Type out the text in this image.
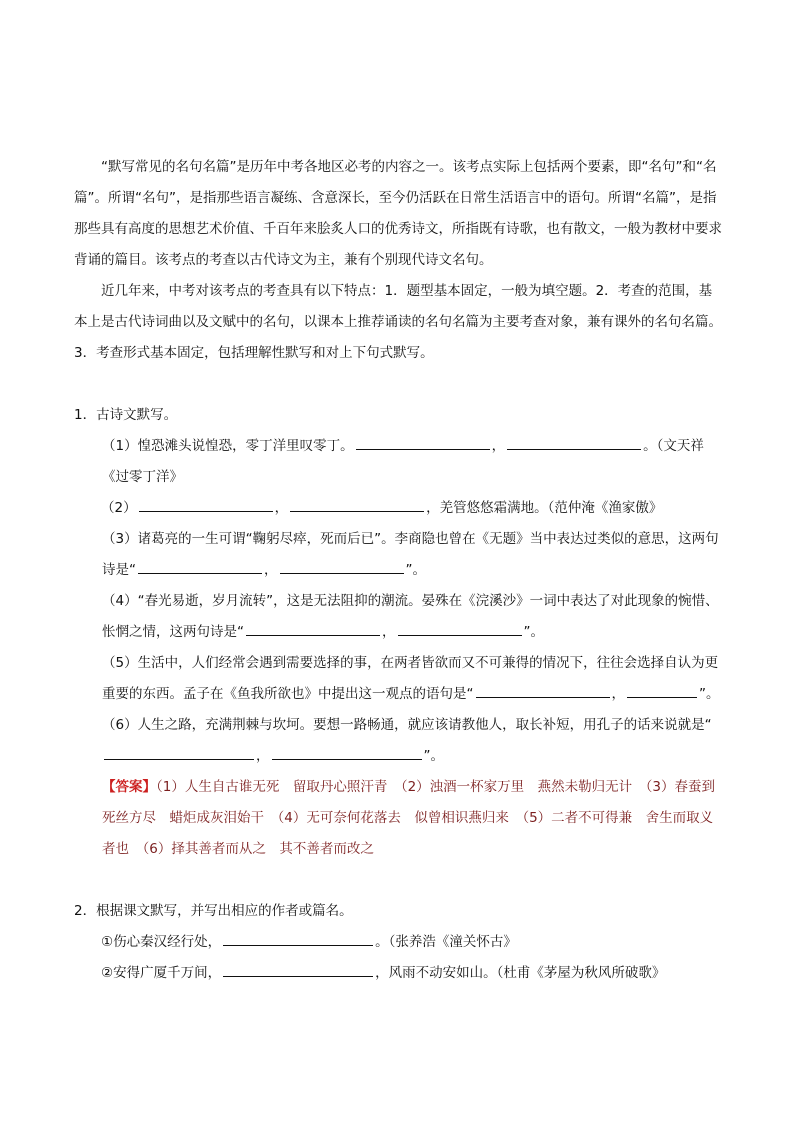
“默写常见的名句名篇”是历年中考各地区必考的内容之一。该考点实际上包括两个要素，即“名句”和“名篇”。所谓“名句”，是指那些语言凝练、含意深长，至今仍活跃在日常生活语言中的语句。所谓“名篇”，是指那些具有高度的思想艺术价值、千百年来脍炙人口的优秀诗文，所指既有诗歌，也有散文，一般为教材中要求背诵的篇目。该考点的考查以古代诗文为主，兼有个别现代诗文名句。

近几年来，中考对该考点的考查具有以下特点：1．题型基本固定，一般为填空题。2．考查的范围，基本上是古代诗词曲以及文赋中的名句，以课本上推荐诵读的名句名篇为主要考查对象，兼有课外的名句名篇。3．考查形式基本固定，包括理解性默写和对上下句式默写。

1．古诗文默写。

（1）惶恐滩头说惶恐，零丁洋里叹零丁。	，	。（文天祥《过零丁洋》

（2）	，	，羌管悠悠霜满地。（范仲淹《渔家傲》

（3）诸葛亮的一生可谓“鞠躬尽瘁，死而后已”。李商隐也曾在《无题》当中表达过类似的意思，这两句诗是“	，	”。

（4）“春光易逝，岁月流转”，这是无法阻抑的潮流。晏殊在《浣溪沙》一词中表达了对此现象的惋惜、怅惘之情，这两句诗是“	，	”。

（5）生活中，人们经常会遇到需要选择的事，在两者皆欲而又不可兼得的情况下，往往会选择自认为更重要的东西。孟子在《鱼我所欲也》中提出这一观点的语句是“	，	”。

（6）人生之路，充满荆棘与坎坷。要想一路畅通，就应该请教他人，取长补短，用孔子的话来说就是“，	”。

【答案】（1）人生自古谁无死　留取丹心照汗青　（2）浊酒一杯家万里　燕然未勒归无计　（3）春蚕到死丝方尽　蜡炬成灰泪始干　（4）无可奈何花落去　似曾相识燕归来　（5）二者不可得兼　舍生而取义者也　（6）择其善者而从之　其不善者而改之

2．根据课文默写，并写出相应的作者或篇名。

①伤心秦汉经行处，	。（张养浩《潼关怀古》

②安得广厦千万间，	，风雨不动安如山。（杜甫《茅屋为秋风所破歌》
